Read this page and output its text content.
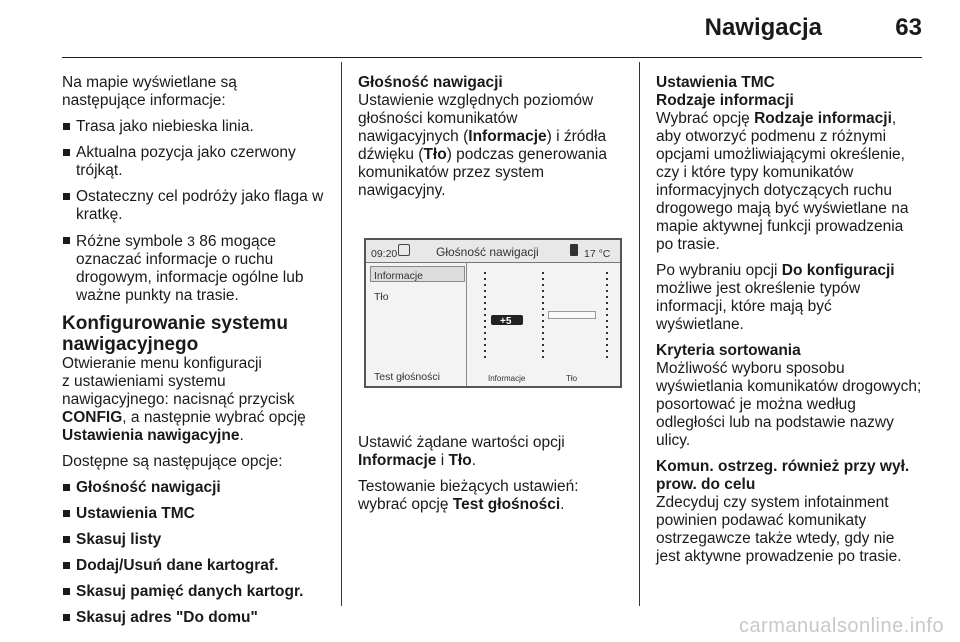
Nawigacja	63

Na mapie wyświetlane są
następujące informacje:

Trasa jako niebieska linia.
Aktualna pozycja jako czerwony trójkąt.
Ostateczny cel podróży jako flaga w kratkę.
Różne symbole 3 86 mogące oznaczać informacje o ruchu drogowym, informacje ogólne lub ważne punkty na trasie.
Konfigurowanie systemu nawigacyjnego

Otwieranie menu konfiguracji
z ustawieniami systemu
nawigacyjnego: nacisnąć przycisk
CONFIG, a następnie wybrać opcję
Ustawienia nawigacyjne.

Dostępne są następujące opcje:

Głośność nawigacji
Ustawienia TMC
Skasuj listy
Dodaj/Usuń dane kartograf.
Skasuj pamięć danych kartogr.
Skasuj adres "Do domu"
Głośność nawigacji

Ustawienie względnych poziomów
głośności komunikatów
nawigacyjnych (Informacje) i źródła
dźwięku (Tło) podczas generowania
komunikatów przez system
nawigacyjny.

09:20	Głośność nawigacji	17 °C
Informacje
Tło
Test głośności
+5
Informacje	Tło

Ustawić żądane wartości opcji
Informacje i Tło.

Testowanie bieżących ustawień:
wybrać opcję Test głośności.

Ustawienia TMC
Rodzaje informacji

Wybrać opcję Rodzaje informacji, aby otworzyć podmenu z różnymi opcjami umożliwiającymi określenie, czy i które typy komunikatów informacyjnych dotyczących ruchu drogowego mają być wyświetlane na mapie aktywnej funkcji prowadzenia po trasie.

Po wybraniu opcji Do konfiguracji możliwe jest określenie typów informacji, które mają być wyświetlane.

Kryteria sortowania

Możliwość wyboru sposobu wyświetlania komunikatów drogowych; posortować je można według odległości lub na podstawie nazwy ulicy.

Komun. ostrzeg. również przy wył. prow. do celu

Zdecyduj czy system infotainment powinien podawać komunikaty ostrzegawcze także wtedy, gdy nie jest aktywne prowadzenie po trasie.

carmanualsonline.info
